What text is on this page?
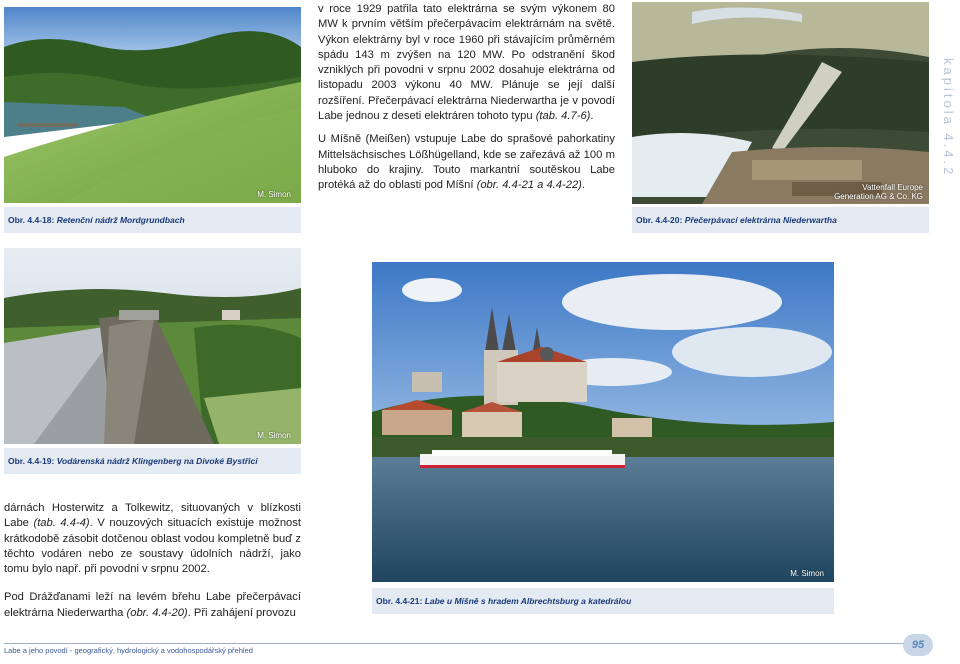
M. Simon
Obr. 4.4-18: Retenční nádrž Mordgrundbach

v roce 1929 patřila tato elektrárna se svým výkonem 80 MW k prvním větším přečerpávacím elektrárnám na světě. Výkon elektrárny byl v roce 1960 při stávajícím průměrném spádu 143 m zvýšen na 120 MW. Po odstranění škod vzniklých při povodni v srpnu 2002 dosahuje elektrárna od listopadu 2003 výkonu 40 MW. Plánuje se její další rozšíření. Přečerpávací elektrárna Niederwartha je v povodí Labe jednou z deseti elektráren tohoto typu (tab. 4.7-6).

U Míšně (Meißen) vstupuje Labe do sprašové pahorkatiny Mittelsächsisches Lößhügelland, kde se zařezává až 100 m hluboko do krajiny. Touto markantní soutěskou Labe protéká až do oblasti pod Míšní (obr. 4.4-21 a 4.4-22).	Vattenfall Europe
Generation AG & Co. KG
Obr. 4.4-20: Přečerpávací elektrárna Niederwartha
kapitola 4.4.2
M. Simon
Obr. 4.4-19: Vodárenská nádrž Klingenberg na Divoké Bystřici

dárnách Hosterwitz a Tolkewitz, situovaných v blízkosti Labe (tab. 4.4-4). V nouzových situacích existuje možnost krátkodobě zásobit dotčenou oblast vodou kompletně buď z těchto vodáren nebo ze soustavy údolních nádrží, jako tomu bylo např. při povodni v srpnu 2002.

Pod Drážďanami leží na levém břehu Labe přečerpávací elektrárna Niederwartha (obr. 4.4-20). Při zahájení provozu

M. Simon
Obr. 4.4-21: Labe u Míšně s hradem Albrechtsburg a katedrálou
Labe a jeho povodí - geografický, hydrologický a vodohospodářský přehled	95
